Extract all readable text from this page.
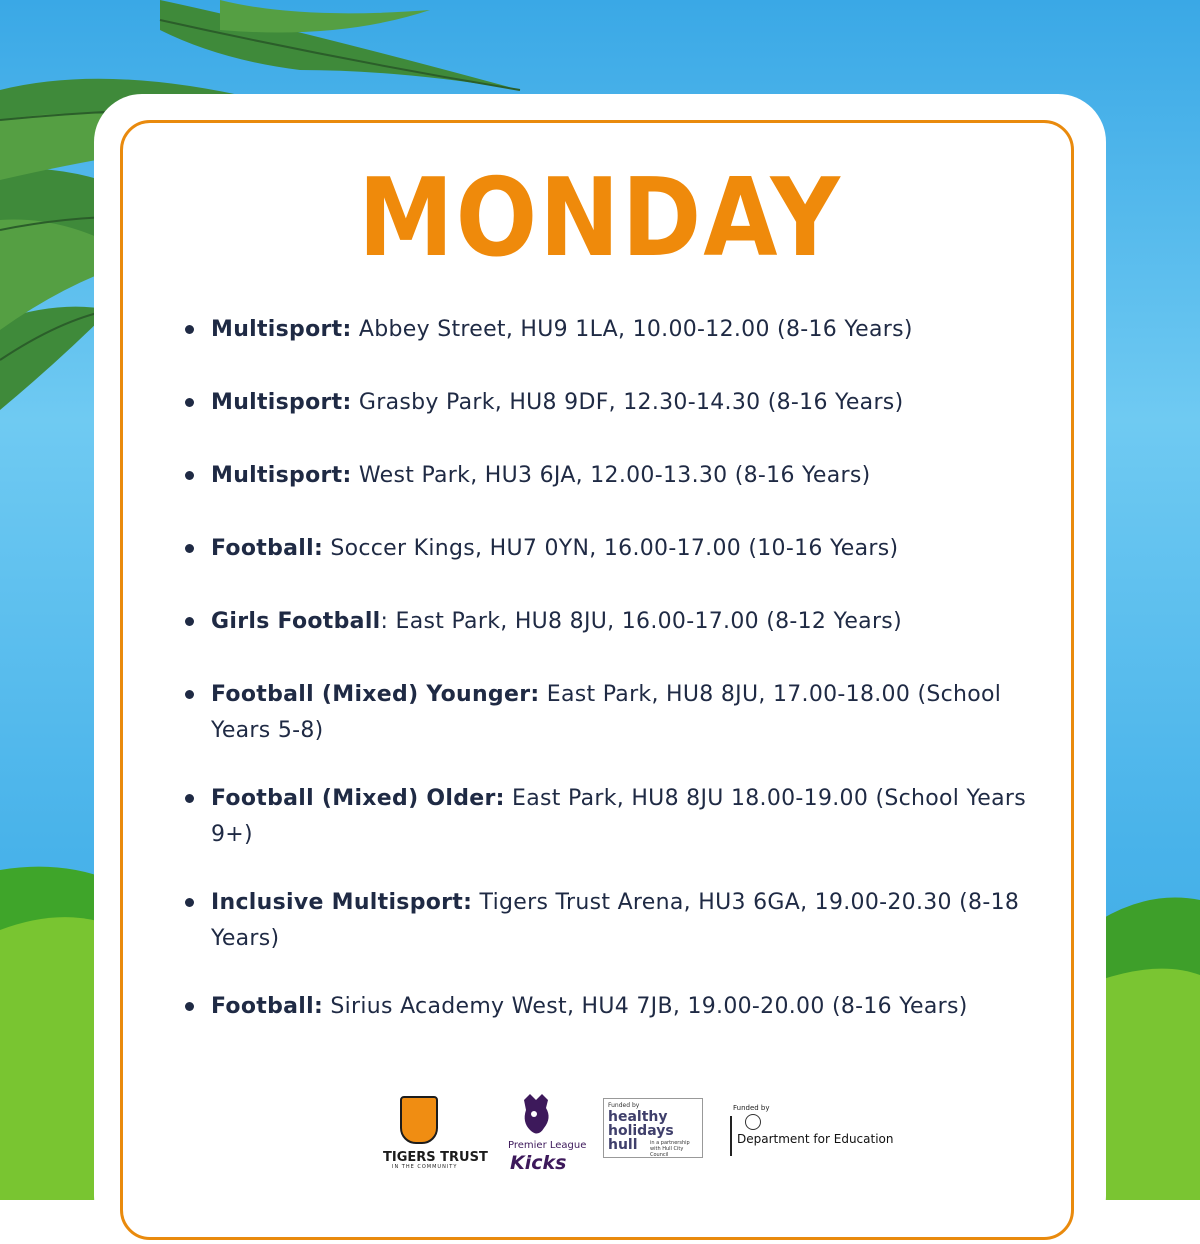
MONDAY
Multisport: Abbey Street, HU9 1LA, 10.00-12.00 (8-16 Years)
Multisport: Grasby Park, HU8 9DF, 12.30-14.30 (8-16 Years)
Multisport: West Park, HU3 6JA, 12.00-13.30 (8-16 Years)
Football: Soccer Kings, HU7 0YN, 16.00-17.00 (10-16 Years)
Girls Football: East Park, HU8 8JU, 16.00-17.00 (8-12 Years)
Football (Mixed) Younger: East Park, HU8 8JU, 17.00-18.00 (School Years 5-8)
Football (Mixed) Older: East Park, HU8 8JU 18.00-19.00 (School Years 9+)
Inclusive Multisport: Tigers Trust Arena, HU3 6GA, 19.00-20.30 (8-18 Years)
Football: Sirius Academy West, HU4 7JB, 19.00-20.00 (8-16 Years)
TIGERS TRUST
IN THE COMMUNITY
Premier League
Kicks
Funded by
healthy holidays hull	in a partnership with Hull City Council
Funded by
Department for Education
